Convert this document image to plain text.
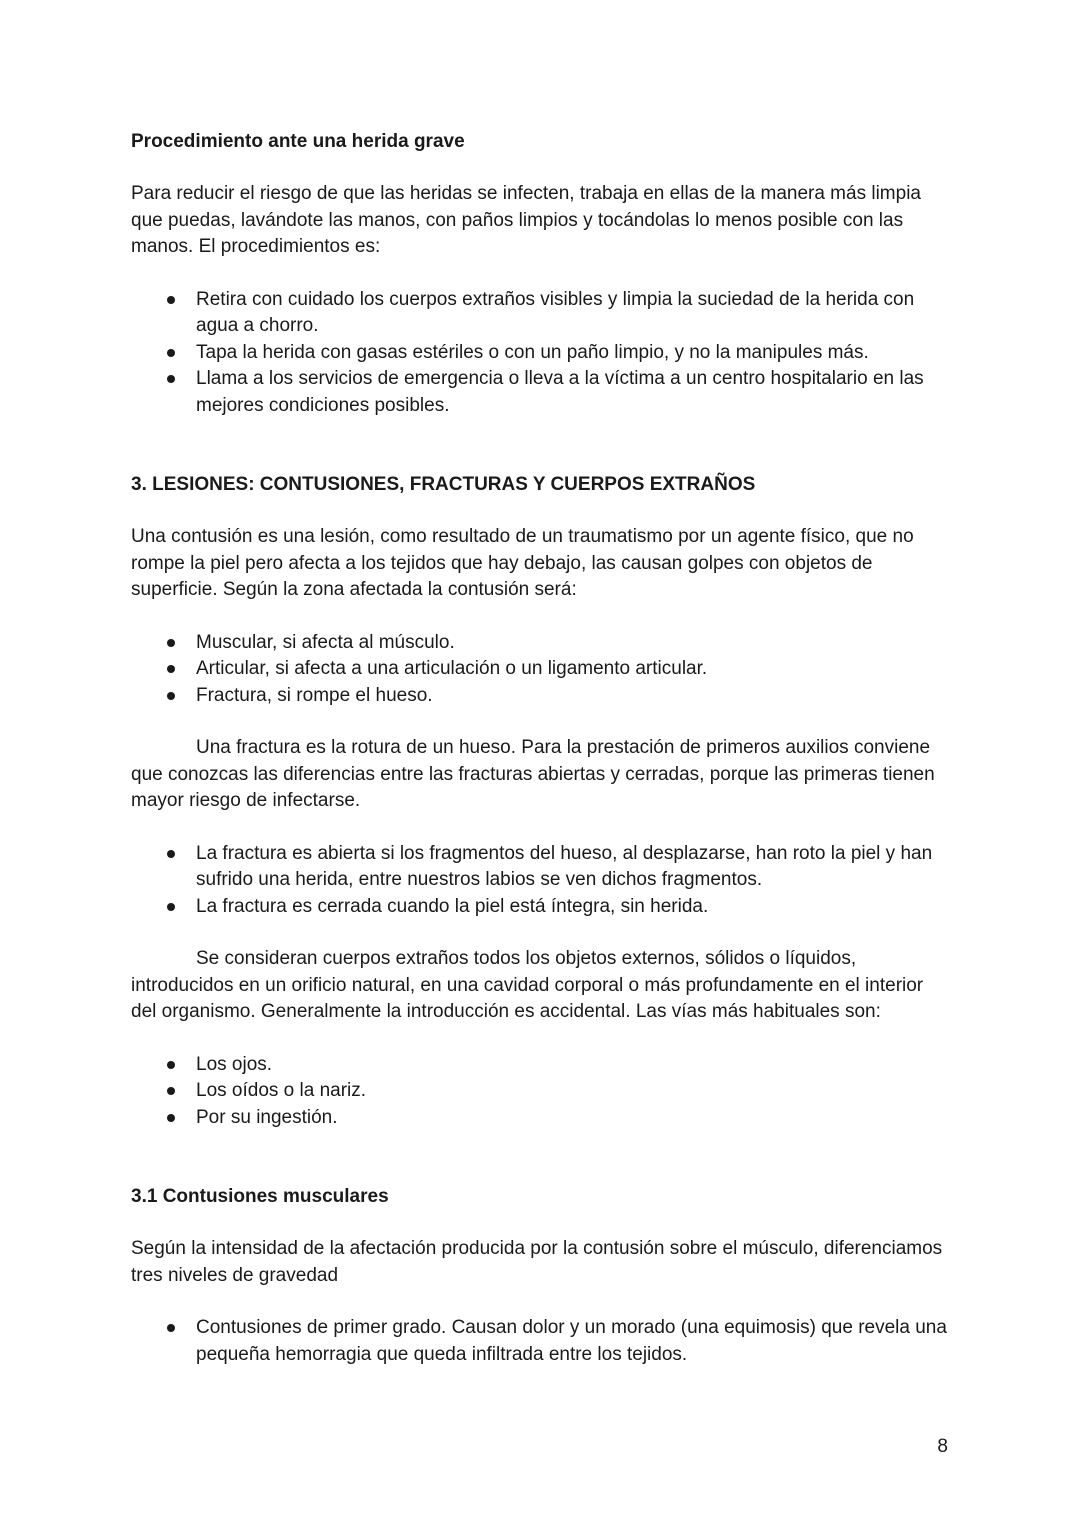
Procedimiento ante una herida grave

Para reducir el riesgo de que las heridas se infecten, trabaja en ellas de la manera más limpia que puedas, lavándote las manos, con paños limpios y tocándolas lo menos posible con las manos. El procedimientos es:

Retira con cuidado los cuerpos extraños visibles y limpia la suciedad de la herida con agua a chorro.
Tapa la herida con gasas estériles o con un paño limpio, y no la manipules más.
Llama a los servicios de emergencia o lleva a la víctima a un centro hospitalario en las mejores condiciones posibles.
3. LESIONES: CONTUSIONES, FRACTURAS Y CUERPOS EXTRAÑOS

Una contusión es una lesión, como resultado de un traumatismo por un agente físico, que no rompe la piel pero afecta a los tejidos que hay debajo, las causan golpes con objetos de superficie. Según la zona afectada la contusión será:

Muscular, si afecta al músculo.
Articular, si afecta a una articulación o un ligamento articular.
Fractura, si rompe el hueso.

Una fractura es la rotura de un hueso. Para la prestación de primeros auxilios conviene que conozcas las diferencias entre las fracturas abiertas y cerradas, porque las primeras tienen mayor riesgo de infectarse.

La fractura es abierta si los fragmentos del hueso, al desplazarse, han roto la piel y han sufrido una herida, entre nuestros labios se ven dichos fragmentos.
La fractura es cerrada cuando la piel está íntegra, sin herida.

Se consideran cuerpos extraños todos los objetos externos, sólidos o líquidos, introducidos en un orificio natural, en una cavidad corporal o más profundamente en el interior del organismo. Generalmente la introducción es accidental. Las vías más habituales son:

Los ojos.
Los oídos o la nariz.
Por su ingestión.
3.1 Contusiones musculares

Según la intensidad de la afectación producida por la contusión sobre el músculo, diferenciamos tres niveles de gravedad

Contusiones de primer grado. Causan dolor y un morado (una equimosis) que revela una pequeña hemorragia que queda infiltrada entre los tejidos.
8
